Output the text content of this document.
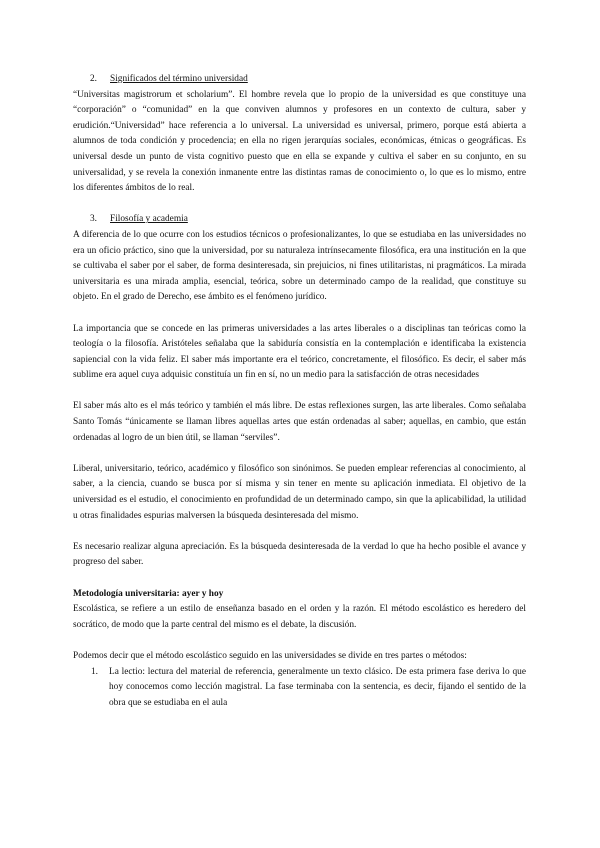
2. Significados del término universidad

“Universitas magistrorum et scholarium”. El hombre revela que lo propio de la universidad es que constituye una “corporación” o “comunidad” en la que conviven alumnos y profesores en un contexto de cultura, saber y erudición.“Universidad” hace referencia a lo universal. La universidad es universal, primero, porque está abierta a alumnos de toda condición y procedencia; en ella no rigen jerarquías sociales, económicas, étnicas o geográficas. Es universal desde un punto de vista cognitivo puesto que en ella se expande y cultiva el saber en su conjunto, en su universalidad, y se revela la conexión inmanente entre las distintas ramas de conocimiento o, lo que es lo mismo, entre los diferentes ámbitos de lo real.

3. Filosofía y academia

A diferencia de lo que ocurre con los estudios técnicos o profesionalizantes, lo que se estudiaba en las universidades no era un oficio práctico, sino que la universidad, por su naturaleza intrínsecamente filosófica, era una institución en la que se cultivaba el saber por el saber, de forma desinteresada, sin prejuicios, ni fines utilitaristas, ni pragmáticos. La mirada universitaria es una mirada amplia, esencial, teórica, sobre un determinado campo de la realidad, que constituye su objeto. En el grado de Derecho, ese ámbito es el fenómeno jurídico.

La importancia que se concede en las primeras universidades a las artes liberales o a disciplinas tan teóricas como la teología o la filosofía. Aristóteles señalaba que la sabiduría consistía en la contemplación e identificaba la existencia sapiencial con la vida feliz. El saber más importante era el teórico, concretamente, el filosófico. Es decir, el saber más sublime era aquel cuya adquisic constituía un fin en sí, no un medio para la satisfacción de otras necesidades

El saber más alto es el más teórico y también el más libre. De estas reflexiones surgen, las arte liberales. Como señalaba Santo Tomás “únicamente se llaman libres aquellas artes que están ordenadas al saber; aquellas, en cambio, que están ordenadas al logro de un bien útil, se llaman “serviles”.

Liberal, universitario, teórico, académico y filosófico son sinónimos. Se pueden emplear referencias al conocimiento, al saber, a la ciencia, cuando se busca por sí misma y sin tener en mente su aplicación inmediata. El objetivo de la universidad es el estudio, el conocimiento en profundidad de un determinado campo, sin que la aplicabilidad, la utilidad u otras finalidades espurias malversen la búsqueda desinteresada del mismo.

Es necesario realizar alguna apreciación. Es la búsqueda desinteresada de la verdad lo que ha hecho posible el avance y progreso del saber.

Metodología universitaria: ayer y hoy

Escolástica, se refiere a un estilo de enseñanza basado en el orden y la razón. El método escolástico es heredero del socrático, de modo que la parte central del mismo es el debate, la discusión.

Podemos decir que el método escolástico seguido en las universidades se divide en tres partes o métodos:

1. La lectio: lectura del material de referencia, generalmente un texto clásico. De esta primera fase deriva lo que hoy conocemos como lección magistral. La fase terminaba con la sentencia, es decir, fijando el sentido de la obra que se estudiaba en el aula
